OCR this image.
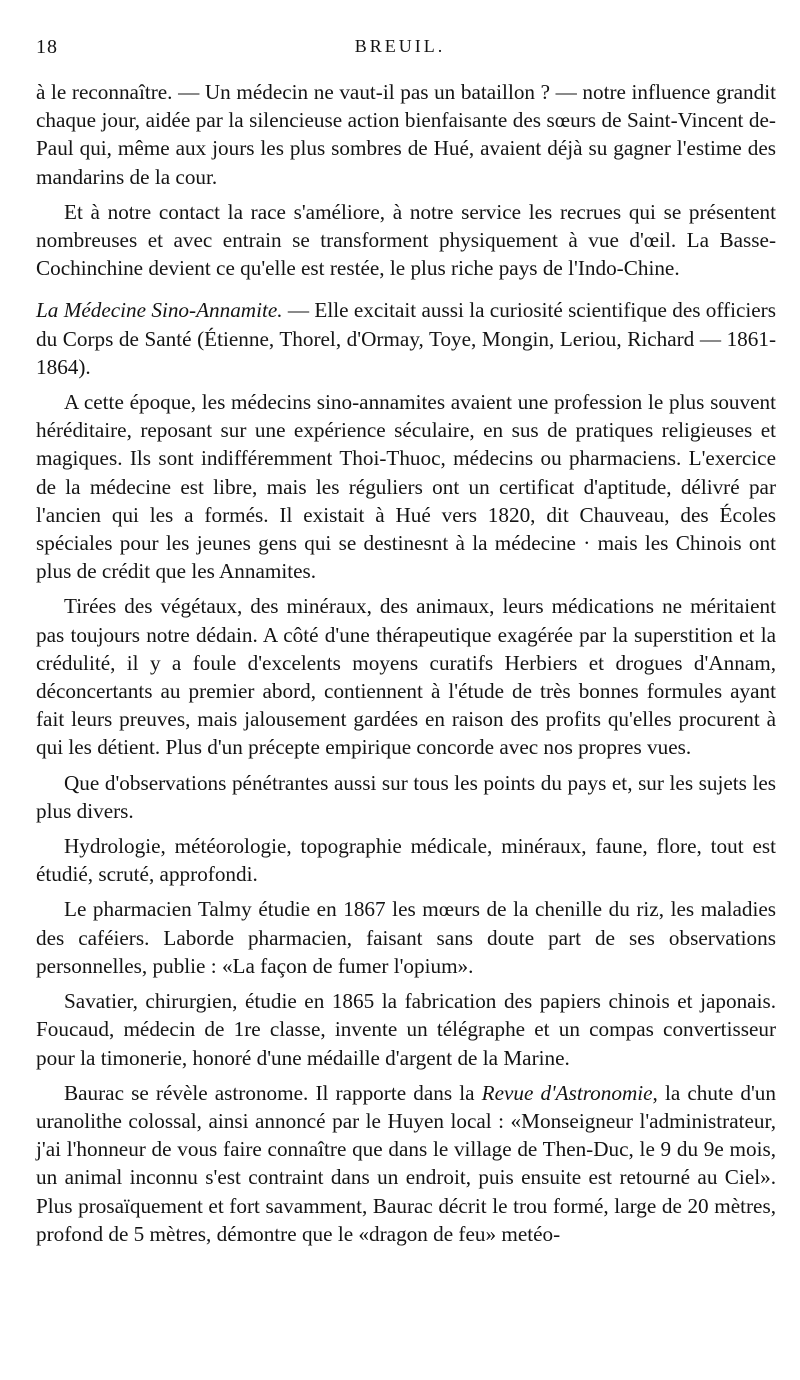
18	BREUIL.

à le reconnaître. — Un médecin ne vaut-il pas un bataillon ? — notre influence grandit chaque jour, aidée par la silencieuse action bienfaisante des sœurs de Saint-Vincent de-Paul qui, même aux jours les plus sombres de Hué, avaient déjà su gagner l'estime des mandarins de la cour.

Et à notre contact la race s'améliore, à notre service les recrues qui se présentent nombreuses et avec entrain se transforment physiquement à vue d'œil. La Basse-Cochinchine devient ce qu'elle est restée, le plus riche pays de l'Indo-Chine.

La Médecine Sino-Annamite. — Elle excitait aussi la curiosité scientifique des officiers du Corps de Santé (Étienne, Thorel, d'Ormay, Toye, Mongin, Leriou, Richard — 1861-1864).

A cette époque, les médecins sino-annamites avaient une profession le plus souvent héréditaire, reposant sur une expérience séculaire, en sus de pratiques religieuses et magiques. Ils sont indifféremment Thoi-Thuoc, médecins ou pharmaciens. L'exercice de la médecine est libre, mais les réguliers ont un certificat d'aptitude, délivré par l'ancien qui les a formés. Il existait à Hué vers 1820, dit Chauveau, des Écoles spéciales pour les jeunes gens qui se destinesnt à la médecine · mais les Chinois ont plus de crédit que les Annamites.

Tirées des végétaux, des minéraux, des animaux, leurs médications ne méritaient pas toujours notre dédain. A côté d'une thérapeutique exagérée par la superstition et la crédulité, il y a foule d'excelents moyens curatifs Herbiers et drogues d'Annam, déconcertants au premier abord, contiennent à l'étude de très bonnes formules ayant fait leurs preuves, mais jalousement gardées en raison des profits qu'elles procurent à qui les détient. Plus d'un précepte empirique concorde avec nos propres vues.

Que d'observations pénétrantes aussi sur tous les points du pays et, sur les sujets les plus divers.

Hydrologie, météorologie, topographie médicale, minéraux, faune, flore, tout est étudié, scruté, approfondi.

Le pharmacien Talmy étudie en 1867 les mœurs de la chenille du riz, les maladies des caféiers. Laborde pharmacien, faisant sans doute part de ses observations personnelles, publie : «La façon de fumer l'opium».

Savatier, chirurgien, étudie en 1865 la fabrication des papiers chinois et japonais. Foucaud, médecin de 1re classe, invente un télégraphe et un compas convertisseur pour la timonerie, honoré d'une médaille d'argent de la Marine.

Baurac se révèle astronome. Il rapporte dans la Revue d'Astronomie, la chute d'un uranolithe colossal, ainsi annoncé par le Huyen local : «Monseigneur l'administrateur, j'ai l'honneur de vous faire connaître que dans le village de Then-Duc, le 9 du 9e mois, un animal inconnu s'est contraint dans un endroit, puis ensuite est retourné au Ciel». Plus prosaïquement et fort savamment, Baurac décrit le trou formé, large de 20 mètres, profond de 5 mètres, démontre que le «dragon de feu» metéo-
